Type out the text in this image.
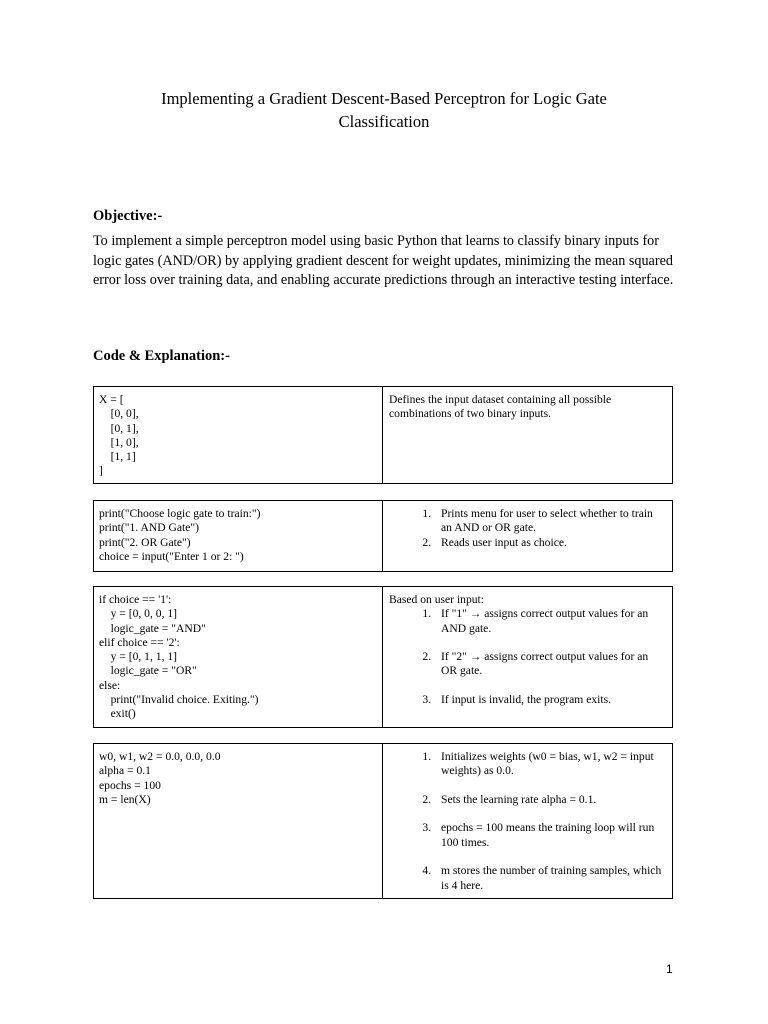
Implementing a Gradient Descent-Based Perceptron for Logic Gate
Classification
Objective:-
To implement a simple perceptron model using basic Python that learns to classify binary inputs for logic gates (AND/OR) by applying gradient descent for weight updates, minimizing the mean squared error loss over training data, and enabling accurate predictions through an interactive testing interface.
Code & Explanation:-
X = [
[0, 0],
[0, 1],
[1, 0],
[1, 1]
]

Defines the input dataset containing all possible combinations of two binary inputs.

print("Choose logic gate to train:")
print("1. AND Gate")
print("2. OR Gate")
choice = input("Enter 1 or 2: ")
1. Prints menu for user to select whether to train an AND or OR gate.
2. Reads user input as choice.
if choice == '1':
y = [0, 0, 0, 1]
logic_gate = "AND"
elif choice == '2':
y = [0, 1, 1, 1]
logic_gate = "OR"
else:
print("Invalid choice. Exiting.")
exit()

Based on user input:

1. If "1" → assigns correct output values for an AND gate.
2. If "2" → assigns correct output values for an OR gate.
3. If input is invalid, the program exits.
w0, w1, w2 = 0.0, 0.0, 0.0
alpha = 0.1
epochs = 100
m = len(X)
1. Initializes weights (w0 = bias, w1, w2 = input weights) as 0.0.
2. Sets the learning rate alpha = 0.1.
3. epochs = 100 means the training loop will run 100 times.
4. m stores the number of training samples, which is 4 here.
1
